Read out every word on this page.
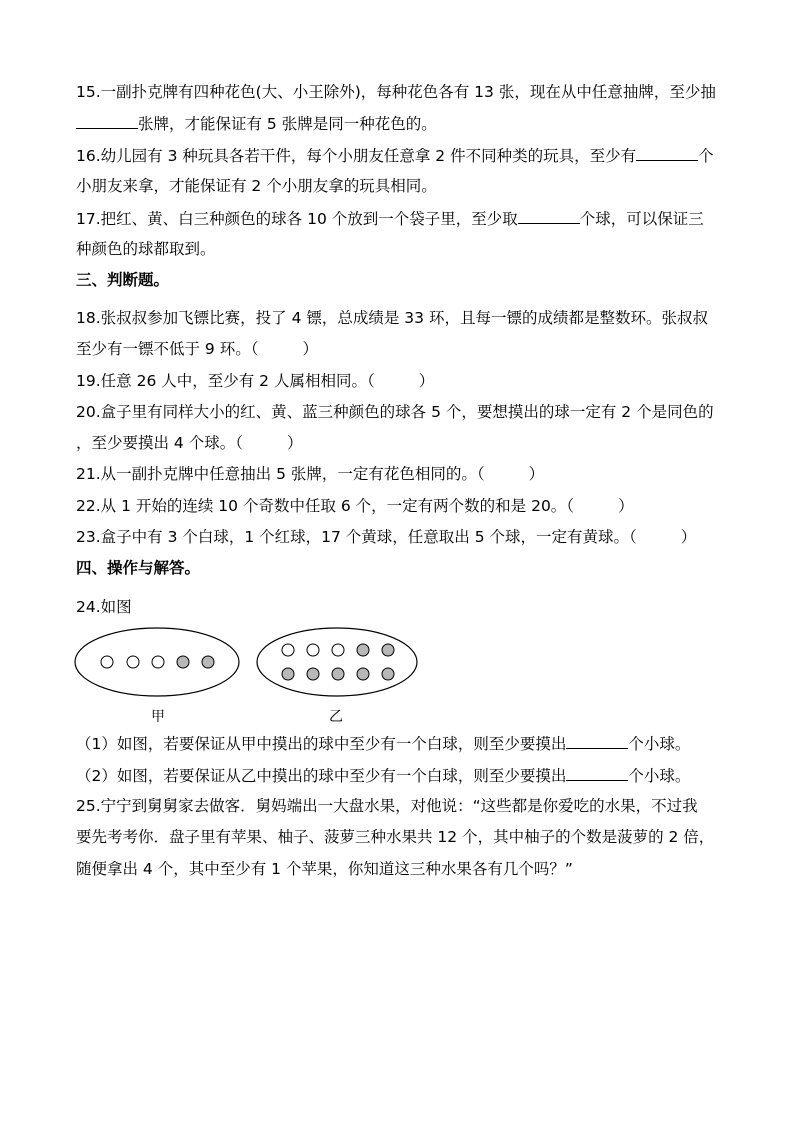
15.一副扑克牌有四种花色(大、小王除外)，每种花色各有 13 张，现在从中任意抽牌，至少抽
张牌，才能保证有 5 张牌是同一种花色的。
16.幼儿园有 3 种玩具各若干件，每个小朋友任意拿 2 件不同种类的玩具，至少有	个
小朋友来拿，才能保证有 2 个小朋友拿的玩具相同。
17.把红、黄、白三种颜色的球各 10 个放到一个袋子里，至少取	个球，可以保证三
种颜色的球都取到。
三、判断题。
18.张叔叔参加飞镖比赛，投了 4 镖，总成绩是 33 环，且每一镖的成绩都是整数环。张叔叔
至少有一镖不低于 9 环。（	）
19.任意 26 人中，至少有 2 人属相相同。（	）
20.盒子里有同样大小的红、黄、蓝三种颜色的球各 5 个，要想摸出的球一定有 2 个是同色的
，至少要摸出 4 个球。（	）
21.从一副扑克牌中任意抽出 5 张牌，一定有花色相同的。（	）
22.从 1 开始的连续 10 个奇数中任取 6 个，一定有两个数的和是 20。（	）
23.盒子中有 3 个白球，1 个红球，17 个黄球，任意取出 5 个球，一定有黄球。（	）
四、操作与解答。
24.如图
甲	乙
（1）如图，若要保证从甲中摸出的球中至少有一个白球，则至少要摸出	个小球。
（2）如图，若要保证从乙中摸出的球中至少有一个白球，则至少要摸出	个小球。
25.宁宁到舅舅家去做客．舅妈端出一大盘水果，对他说：“这些都是你爱吃的水果，不过我
要先考考你．盘子里有苹果、柚子、菠萝三种水果共 12 个，其中柚子的个数是菠萝的 2 倍，
随便拿出 4 个，其中至少有 1 个苹果，你知道这三种水果各有几个吗？”
